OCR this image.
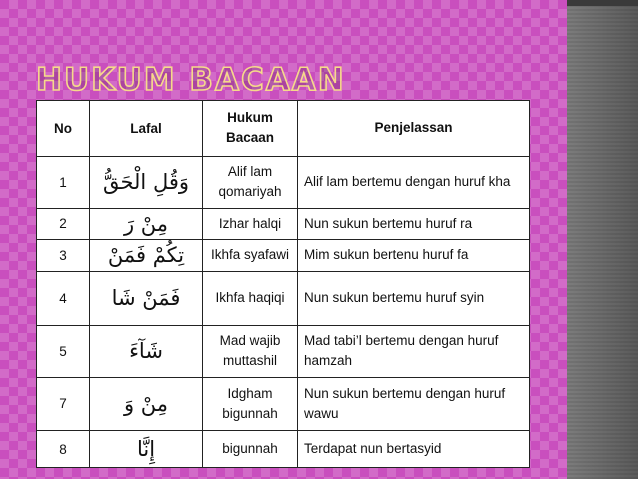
HUKUM BACAAN
No	Lafal	Hukum Bacaan	Penjelassan
1	وَقُلِ الْحَقُّ	Alif lam qomariyah	Alif lam bertemu dengan huruf kha
2	مِنْ رَ	Izhar halqi	Nun sukun bertemu huruf ra
3	تِكُمْ فَمَنْ	Ikhfa syafawi	Mim sukun bertenu huruf fa
4	فَمَنْ شَا	Ikhfa haqiqi	Nun sukun bertemu huruf syin
5	شَآءَ	Mad wajib muttashil	Mad tabi’l bertemu dengan huruf hamzah
7	مِنْ وَ	Idgham bigunnah	Nun sukun bertemu dengan huruf wawu
8	إِنَّا	bigunnah	Terdapat nun bertasyid
